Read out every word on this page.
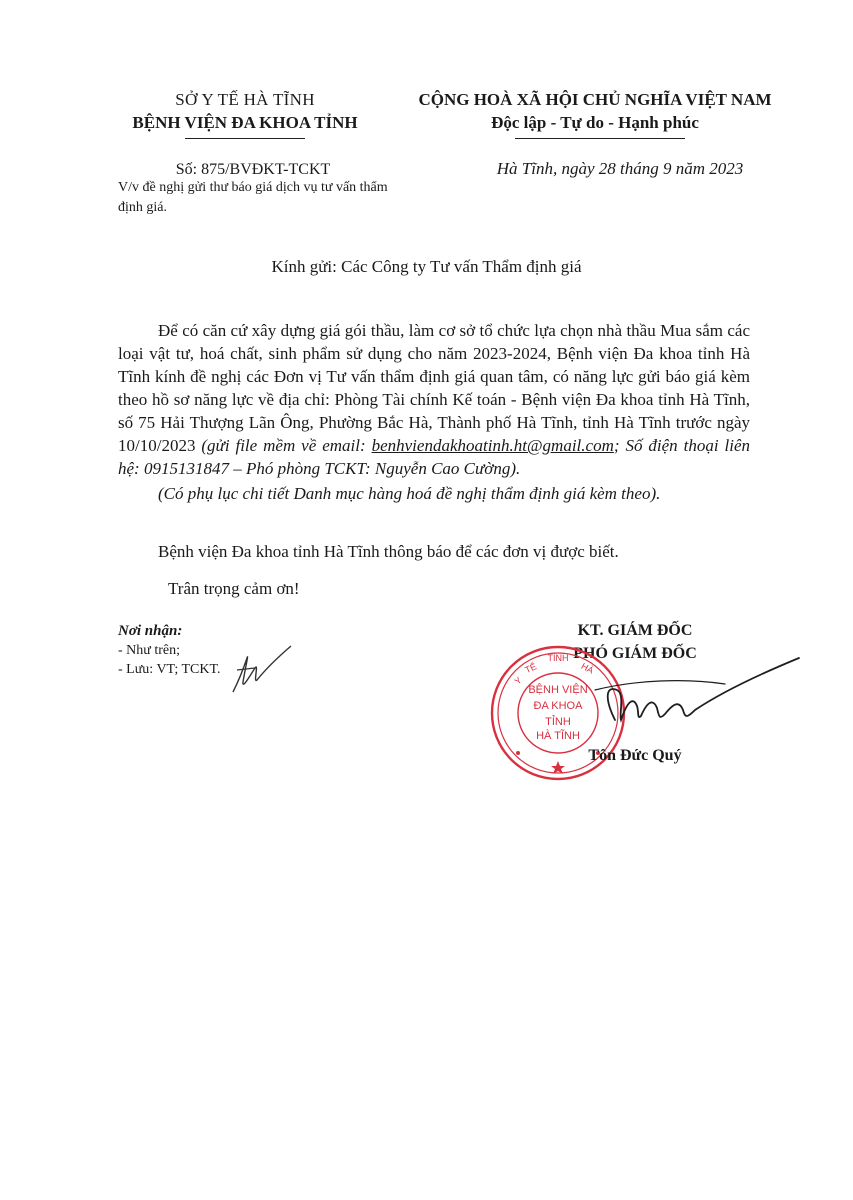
SỞ Y TẾ HÀ TĨNH
BỆNH VIỆN ĐA KHOA TỈNH
CỘNG HOÀ XÃ HỘI CHỦ NGHĨA VIỆT NAM
Độc lập - Tự do - Hạnh phúc
Số: 875/BVĐKT-TCKT
V/v đề nghị gửi thư báo giá dịch vụ tư vấn thẩm định giá.
Hà Tĩnh, ngày 28 tháng 9 năm 2023
Kính gửi: Các Công ty Tư vấn Thẩm định giá

Để có căn cứ xây dựng giá gói thầu, làm cơ sở tổ chức lựa chọn nhà thầu Mua sắm các loại vật tư, hoá chất, sinh phẩm sử dụng cho năm 2023-2024, Bệnh viện Đa khoa tỉnh Hà Tĩnh kính đề nghị các Đơn vị Tư vấn thẩm định giá quan tâm, có năng lực gửi báo giá kèm theo hồ sơ năng lực về địa chỉ: Phòng Tài chính Kế toán - Bệnh viện Đa khoa tỉnh Hà Tĩnh, số 75 Hải Thượng Lãn Ông, Phường Bắc Hà, Thành phố Hà Tĩnh, tỉnh Hà Tĩnh trước ngày 10/10/2023 (gửi file mềm về email: benhviendakhoatinh.ht@gmail.com; Số điện thoại liên hệ: 0915131847 – Phó phòng TCKT: Nguyễn Cao Cường).

(Có phụ lục chi tiết Danh mục hàng hoá đề nghị thẩm định giá kèm theo).

Bệnh viện Đa khoa tỉnh Hà Tĩnh thông báo để các đơn vị được biết.
Trân trọng cảm ơn!
Nơi nhận:
- Như trên;
- Lưu: VT; TCKT.
KT. GIÁM ĐỐC
PHÓ GIÁM ĐỐC
Y
TẾ
TỈNH
HÀ
BỆNH VIỆN
ĐA KHOA
TỈNH
HÀ TĨNH
Tôn Đức Quý
